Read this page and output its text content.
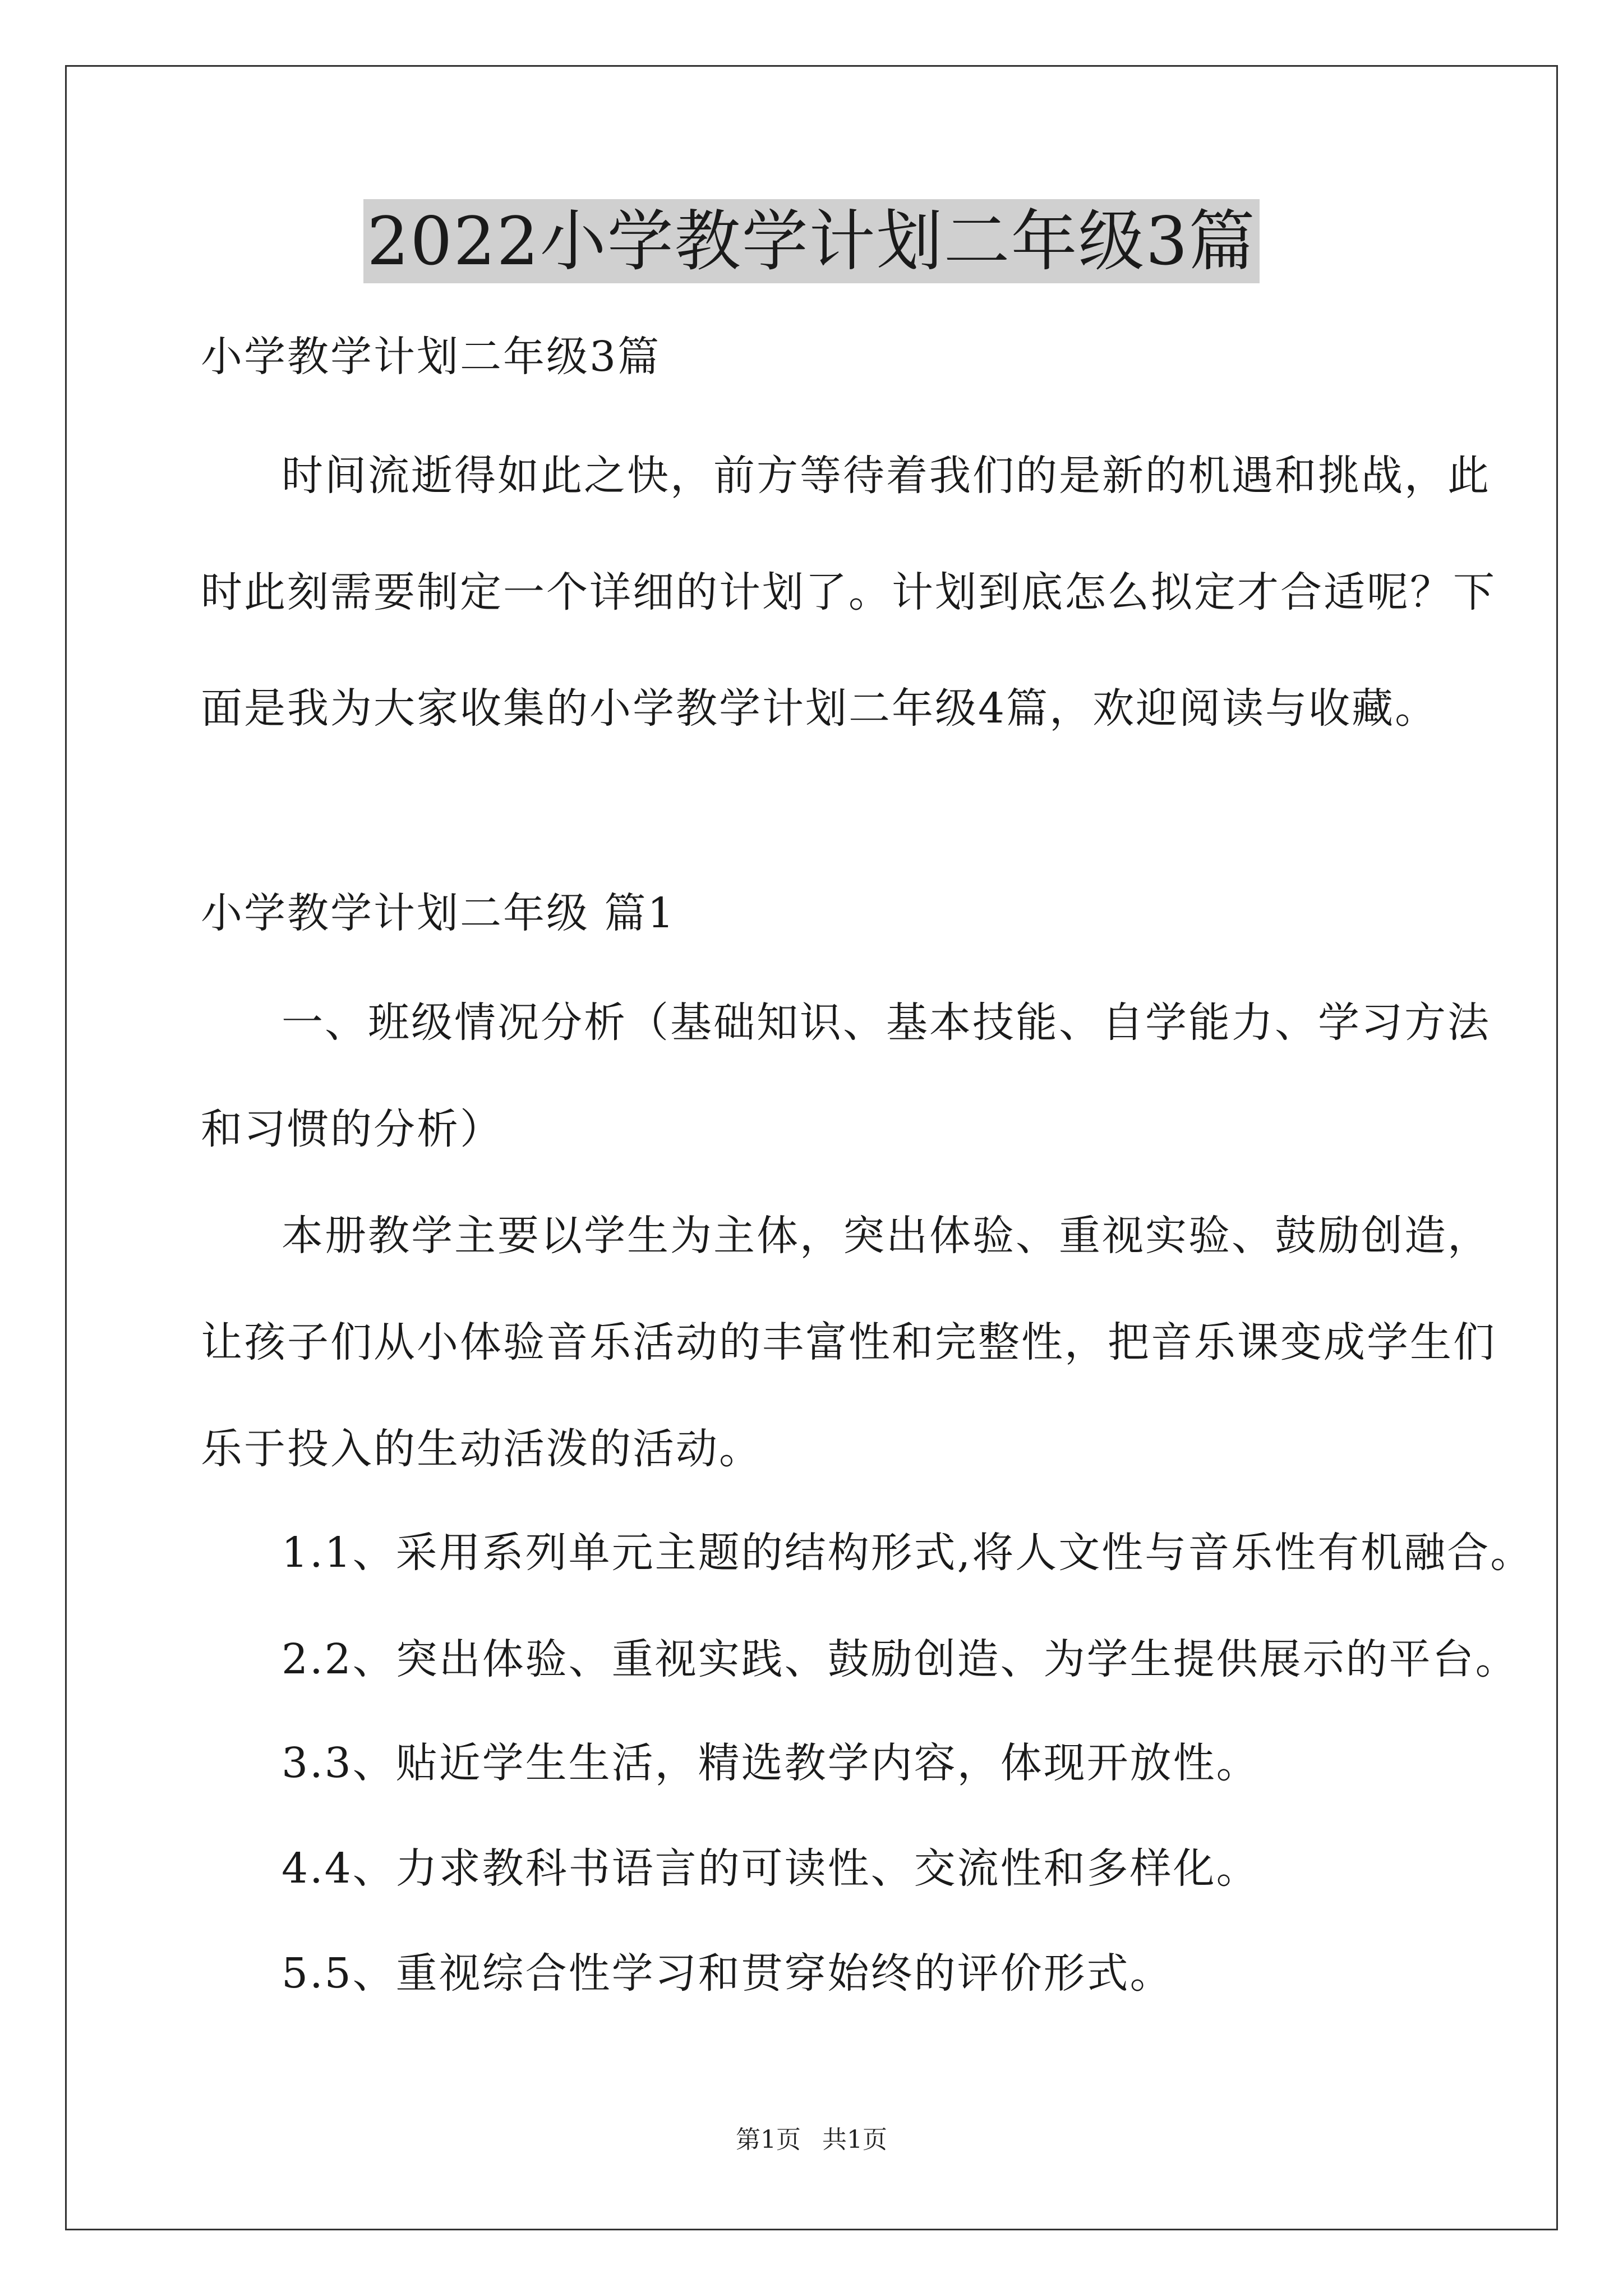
2022小学教学计划二年级3篇
小学教学计划二年级3篇
时间流逝得如此之快，前方等待着我们的是新的机遇和挑战，此
时此刻需要制定一个详细的计划了。计划到底怎么拟定才合适呢？下
面是我为大家收集的小学教学计划二年级4篇，欢迎阅读与收藏。
小学教学计划二年级 篇1
一、班级情况分析（基础知识、基本技能、自学能力、学习方法
和习惯的分析）
本册教学主要以学生为主体，突出体验、重视实验、鼓励创造，
让孩子们从小体验音乐活动的丰富性和完整性，把音乐课变成学生们
乐于投入的生动活泼的活动。
1.1、采用系列单元主题的结构形式,将人文性与音乐性有机融合。
2.2、突出体验、重视实践、鼓励创造、为学生提供展示的平台。
3.3、贴近学生生活，精选教学内容，体现开放性。
4.4、力求教科书语言的可读性、交流性和多样化。
5.5、重视综合性学习和贯穿始终的评价形式。
第1页 共1页
